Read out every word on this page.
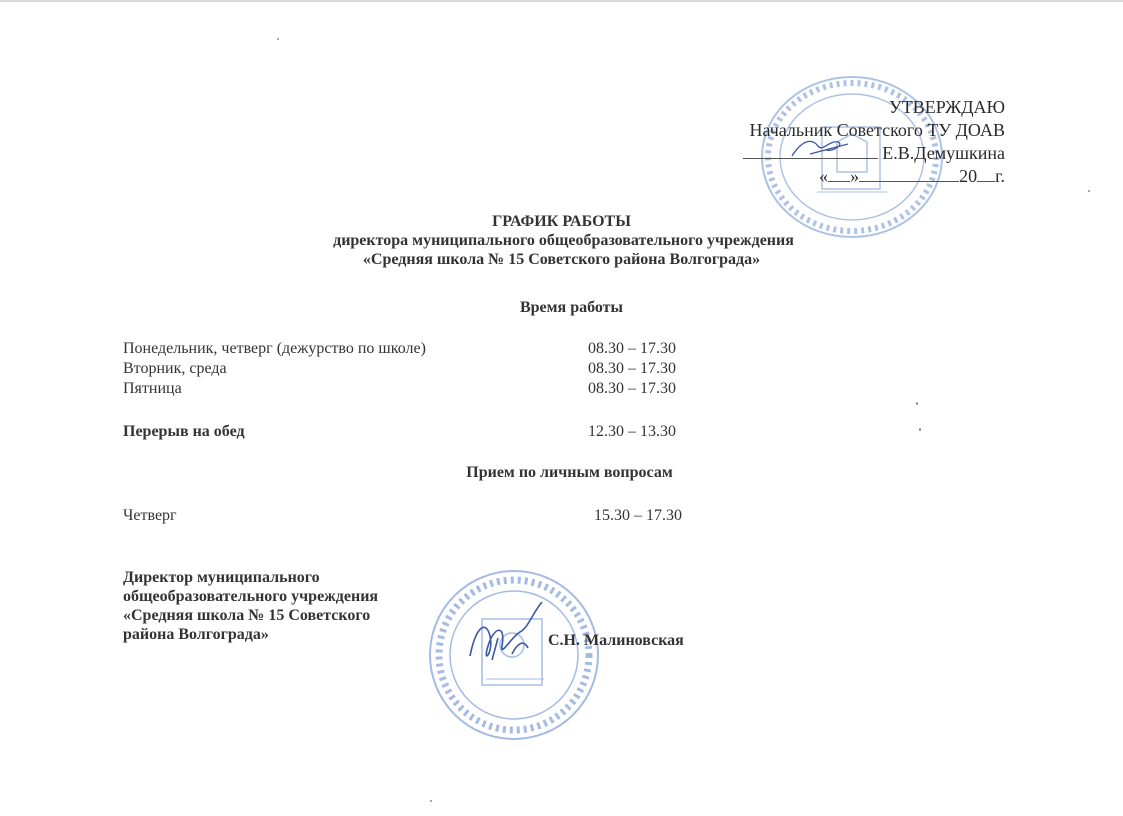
УТВЕРЖДАЮ
Начальник Советского ТУ ДОАВ
Е.В.Демушкина
« »	20 г.
ГРАФИК РАБОТЫ
директора муниципального общеобразовательного учреждения
«Средняя школа № 15 Советского района Волгограда»
Время работы
Понедельник, четверг (дежурство по школе)	08.30 – 17.30
Вторник, среда	08.30 – 17.30
Пятница	08.30 – 17.30
Перерыв на обед	12.30 – 13.30
Прием по личным вопросам
Четверг	15.30 – 17.30
Директор муниципального
общеобразовательного учреждения
«Средняя школа № 15 Советского
района Волгограда»	С.Н. Малиновская
